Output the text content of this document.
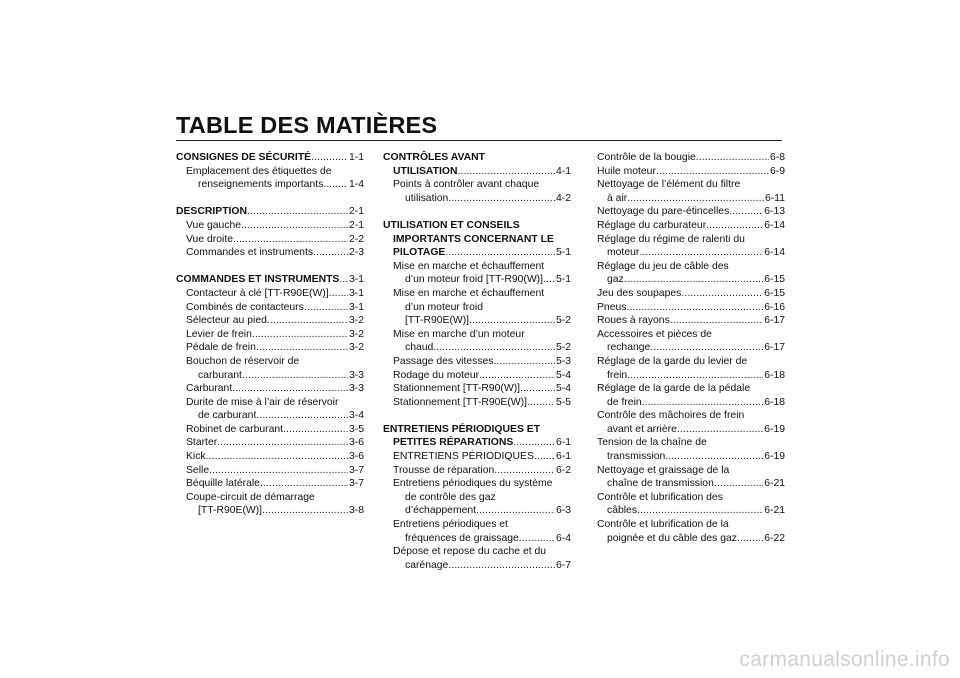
TABLE DES MATIÈRES
CONSIGNES DE SÉCURITÉ .....	1-1
Emplacement des étiquettes de
renseignements importants ..... 1-4
DESCRIPTION .....	2-1
Vue gauche .....	2-1
Vue droite .....	2-2
Commandes et instruments .....	2-3
COMMANDES ET INSTRUMENTS ..... 3-1
Contacteur à clé [TT-R90E(W)] ..... 3-1
Combinés de contacteurs .....	3-1
Sélecteur au pied .....	3-2
Levier de frein .....	3-2
Pédale de frein .....	3-2
Bouchon de réservoir de
carburant .....	3-3
Carburant .....	3-3
Durite de mise à l’air de réservoir
de carburant .....	3-4
Robinet de carburant .....	3-5
Starter .....	3-6
Kick .....	3-6
Selle .....	3-7
Béquille latérale .....	3-7
Coupe-circuit de démarrage
[TT-R90E(W)] .....	3-8
CONTRÔLES AVANT
UTILISATION .....	4-1
Points à contrôler avant chaque
utilisation .....	4-2
UTILISATION ET CONSEILS
IMPORTANTS CONCERNANT LE
PILOTAGE .....	5-1
Mise en marche et échauffement
d’un moteur froid [TT-R90(W)] ..... 5-1
Mise en marche et échauffement
d’un moteur froid
[TT-R90E(W)] .....	5-2
Mise en marche d’un moteur
chaud .....	5-2
Passage des vitesses .....	5-3
Rodage du moteur .....	5-4
Stationnement [TT-R90(W)] .....	5-4
Stationnement [TT-R90E(W)] .....	5-5
ENTRETIENS PÉRIODIQUES ET
PETITES RÉPARATIONS .....	6-1
ENTRETIENS PÉRIODIQUES ..... 6-1
Trousse de réparation .....	6-2
Entretiens périodiques du système
de contrôle des gaz
d’échappement .....	6-3
Entretiens périodiques et
fréquences de graissage .....	6-4
Dépose et repose du cache et du
carénage .....	6-7
Contrôle de la bougie .....	6-8
Huile moteur .....	6-9
Nettoyage de l’élément du filtre
à air .....	6-11
Nettoyage du pare-étincelles .....	6-13
Réglage du carburateur .....	6-14
Réglage du régime de ralenti du
moteur .....	6-14
Réglage du jeu de câble des
gaz .....	6-15
Jeu des soupapes .....	6-15
Pneus .....	6-16
Roues à rayons .....	6-17
Accessoires et pièces de
rechange .....	6-17
Réglage de la garde du levier de
frein .....	6-18
Réglage de la garde de la pédale
de frein .....	6-18
Contrôle des mâchoires de frein
avant et arrière .....	6-19
Tension de la chaîne de
transmission .....	6-19
Nettoyage et graissage de la
chaîne de transmission .....	6-21
Contrôle et lubrification des
câbles .....	6-21
Contrôle et lubrification de la
poignée et du câble des gaz .....	6-22

carmanualsonline.info
